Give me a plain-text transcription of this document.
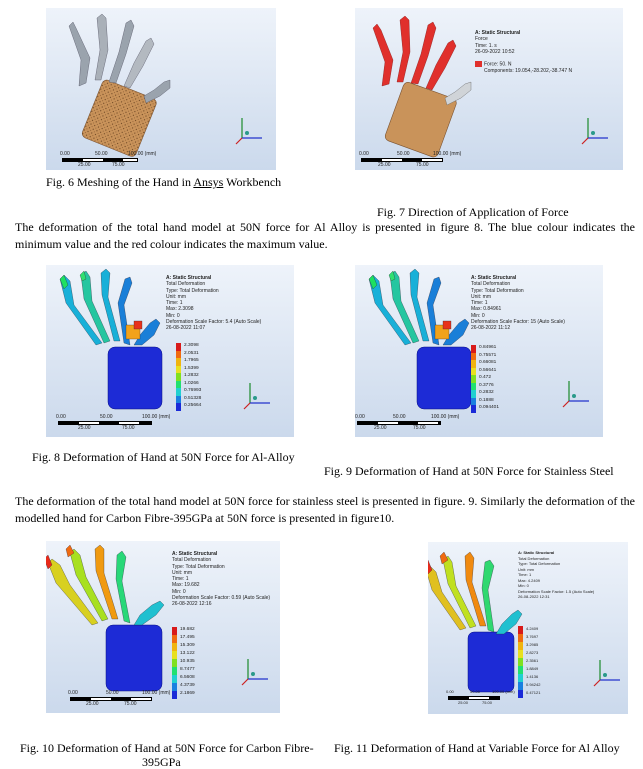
0.00	50.00	100.00 (mm)
25.00	75.00
Fig. 6 Meshing of the Hand in Ansys Workbench
A: Static Structural
Force
Time: 1. s
26-09-2022 10:52
Force: 50. N
Components: 19.054,-28.202,-38.747 N
0.00	50.00	100.00 (mm)
25.00	75.00
Fig. 7 Direction of Application of Force
The deformation of the total hand model at 50N force for Al Alloy is presented in figure 8. The blue colour indicates the minimum value and the red colour indicates the maximum value.
A: Static Structural
Total Deformation
Type: Total Deformation
Unit: mm
Time: 1
Max: 2.3098
Min: 0
Deformation Scale Factor: 5.4 (Auto Scale)
26-08-2022 11:07
2.3098
2.0531
1.7965
1.5399
1.2832
1.0266
0.76993
0.51328
0.25664
0.00	50.00	100.00 (mm)
25.00	75.00
Fig. 8 Deformation of Hand at 50N Force for Al-Alloy
A: Static Structural
Total Deformation
Type: Total Deformation
Unit: mm
Time: 1
Max: 0.84961
Min: 0
Deformation Scale Factor: 15 (Auto Scale)
26-08-2022 11:12
0.84961
0.75571
0.66081
0.56641
0.472
0.3776
0.2832
0.1888
0.094401
0.00	50.00	100.00 (mm)
25.00	75.00
Fig. 9 Deformation of Hand at 50N Force for Stainless Steel
The deformation of the total hand model at 50N force for stainless steel is presented in figure. 9. Similarly the deformation of the modelled hand for Carbon Fibre-395GPa at 50N force is presented in figure10.
A: Static Structural
Total Deformation
Type: Total Deformation
Unit: mm
Time: 1
Max: 19.682
Min: 0
Deformation Scale Factor: 0.59 (Auto Scale)
26-08-2022 12:16
19.682
17.495
15.309
13.122
10.935
8.7477
6.5608
4.3739
2.1869
0.00	50.00	100.00 (mm)
25.00	75.00
Fig. 10 Deformation of Hand at 50N Force for Carbon Fibre-
395GPa
A: Static Structural
Total Deformation
Type: Total Deformation
Unit: mm
Time: 1
Max: 4.2409
Min: 0
Deformation Scale Factor: 1.5 (Auto Scale)
26-08-2022 12:31
4.2409
3.7697
3.2985
2.8273
2.3561
1.8849
1.4136
0.94242
0.47121
0.00	50.00	100.00 (mm)
25.00	75.00
Fig. 11 Deformation of Hand at Variable Force for Al Alloy
